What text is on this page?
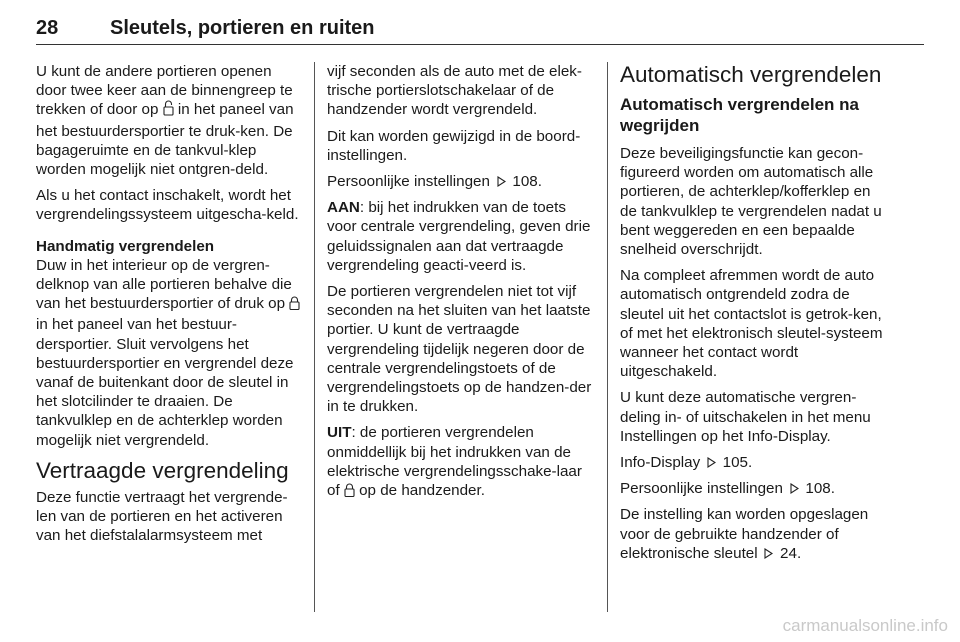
28	Sleutels, portieren en ruiten

U kunt de andere portieren openen door twee keer aan de binnengreep te trekken of door op  in het paneel van het bestuurdersportier te druk-ken. De bagageruimte en de tankvul-klep worden mogelijk niet ontgren-deld.

Als u het contact inschakelt, wordt het vergrendelingssysteem uitgescha-keld.

Handmatig vergrendelen

Duw in het interieur op de vergren-delknop van alle portieren behalve die van het bestuurdersportier of druk op  in het paneel van het bestuur-dersportier. Sluit vervolgens het bestuurdersportier en vergrendel deze vanaf de buitenkant door de sleutel in het slotcilinder te draaien. De tankvulklep en de achterklep worden mogelijk niet vergrendeld.

Vertraagde vergrendeling

Deze functie vertraagt het vergrende-len van de portieren en het activeren van het diefstalalarmsysteem met

vijf seconden als de auto met de elek-trische portierslotschakelaar of de handzender wordt vergrendeld.

Dit kan worden gewijzigd in de boord-instellingen.

Persoonlijke instellingen  108.

AAN: bij het indrukken van de toets voor centrale vergrendeling, geven drie geluidssignalen aan dat vertraagde vergrendeling geacti-veerd is.

De portieren vergrendelen niet tot vijf seconden na het sluiten van het laatste portier. U kunt de vertraagde vergrendeling tijdelijk negeren door de centrale vergrendelingstoets of de vergrendelingstoets op de handzen-der in te drukken.

UIT: de portieren vergrendelen onmiddellijk bij het indrukken van de elektrische vergrendelingsschake-laar of  op de handzender.

Automatisch vergrendelen
Automatisch vergrendelen na wegrijden

Deze beveiligingsfunctie kan gecon-figureerd worden om automatisch alle portieren, de achterklep/kofferklep en de tankvulklep te vergrendelen nadat u bent weggereden en een bepaalde snelheid overschrijdt.

Na compleet afremmen wordt de auto automatisch ontgrendeld zodra de sleutel uit het contactslot is getrok-ken, of met het elektronisch sleutel-systeem wanneer het contact wordt uitgeschakeld.

U kunt deze automatische vergren-deling in- of uitschakelen in het menu Instellingen op het Info-Display.

Info-Display  105.

Persoonlijke instellingen  108.

De instelling kan worden opgeslagen voor de gebruikte handzender of elektronische sleutel  24.

carmanualsonline.info
